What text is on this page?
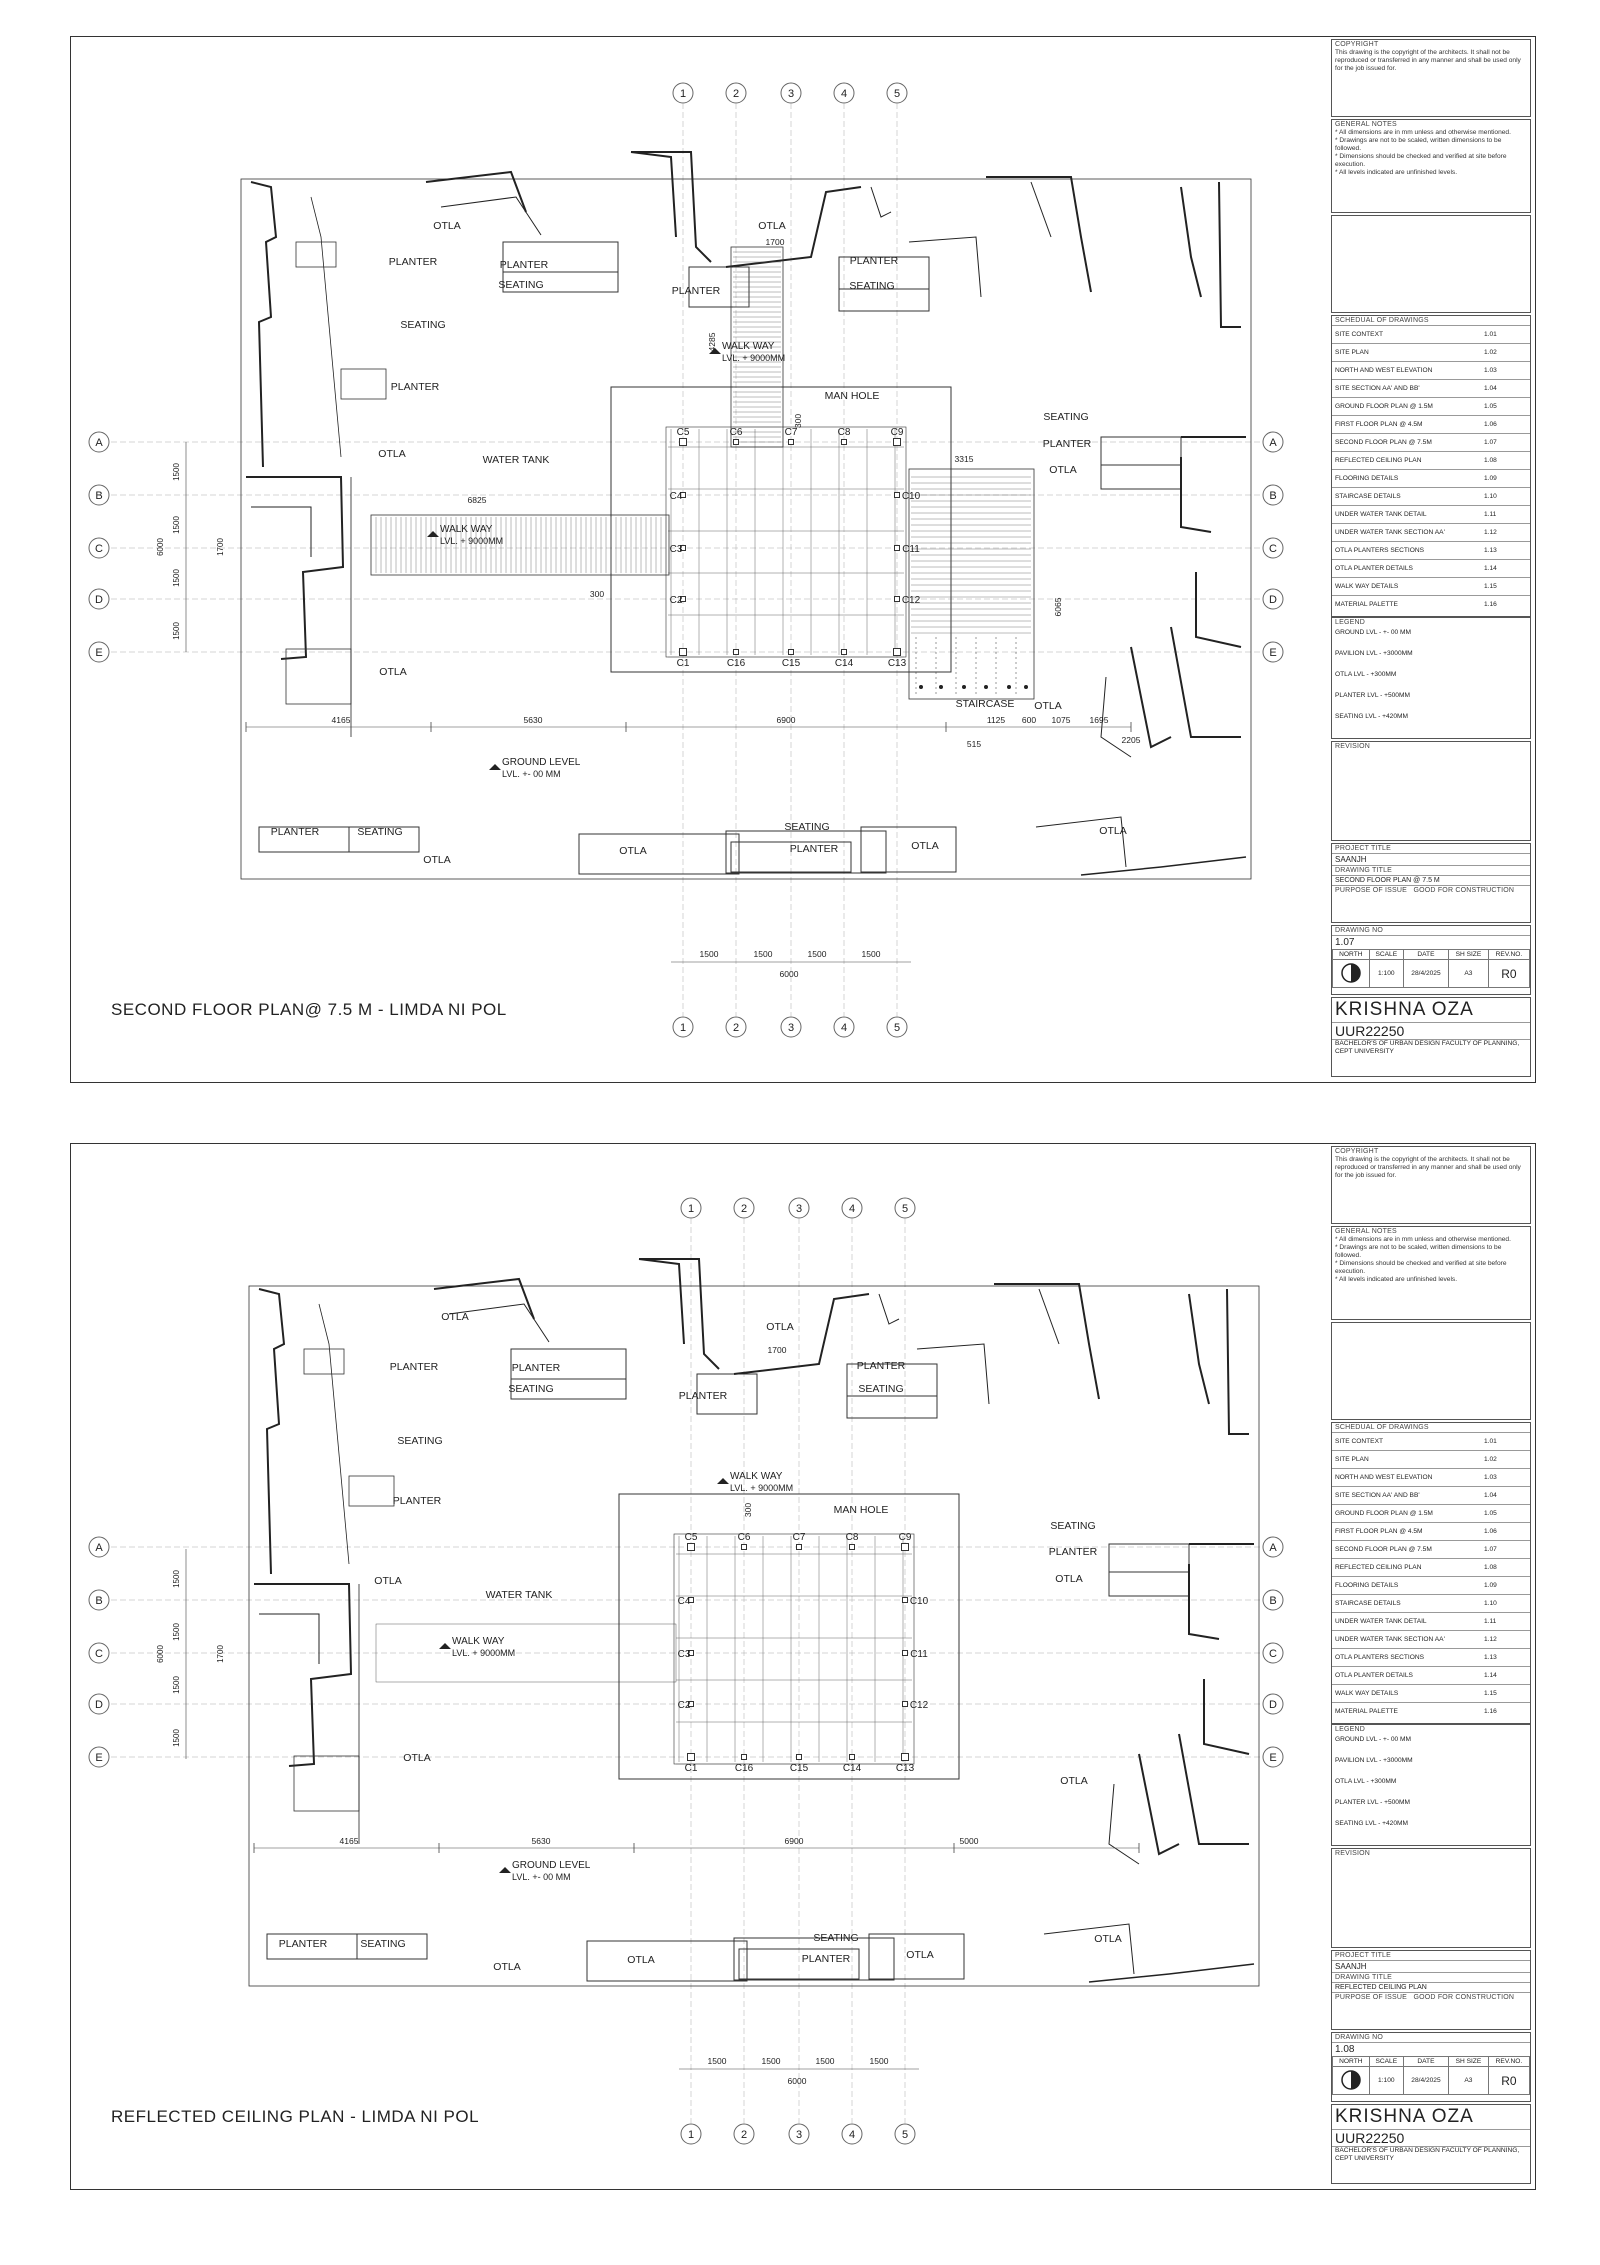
1
1
2
2
3
3
4
4
5
5
A	A
B	B
C	C
D	D
E	E
C5	C6	C7	C8	C9
C4	C10
C3	C11
C2	C12
C1	C16	C15	C14	C13
OTLA	OTLA
PLANTER
SEATING
PLANTER
OTLA
PLANTER
SEATING	PLANTER
PLANTER
SEATING
SEATING
PLANTER
OTLA
OTLA
WATER TANK
MAN HOLE
STAIRCASE OTLA
PLANTER	SEATING
OTLA
OTLA
SEATING
PLANTER	OTLA
OTLA
WALK WAY
LVL. + 9000MM
WALK WAY
LVL. + 9000MM
GROUND LEVEL
LVL. +- 00 MM
4165	5630	6900	1125 600 1075 1695
515	2205
1700
4285
300
300
3315
6825
6065
1500
1500
1500
1500
6000	1700
1500	1500	1500	1500
6000
SECOND FLOOR PLAN@ 7.5 M - LIMDA NI POL
COPYRIGHT
This drawing is the copyright of the architects. It shall not be reproduced or transferred in any manner and shall be used only for the job issued for.
GENERAL NOTES
* All dimensions are in mm unless and otherwise mentioned.
* Drawings are not to be scaled, written dimensions to be followed.
* Dimensions should be checked and verified at site before execution.
* All levels indicated are unfinished levels.
SCHEDUAL OF DRAWINGS
SITE CONTEXT	1.01
SITE PLAN	1.02
NORTH AND WEST ELEVATION	1.03
SITE SECTION AA' AND BB'	1.04
GROUND FLOOR PLAN @ 1.5M	1.05
FIRST FLOOR PLAN @ 4.5M	1.06
SECOND FLOOR PLAN @ 7.5M	1.07
REFLECTED CEILING PLAN	1.08
FLOORING DETAILS	1.09
STAIRCASE DETAILS	1.10
UNDER WATER TANK DETAIL	1.11
UNDER WATER TANK SECTION AA'	1.12
OTLA PLANTERS SECTIONS	1.13
OTLA PLANTER DETAILS	1.14
WALK WAY DETAILS	1.15
MATERIAL PALETTE	1.16
LEGEND
GROUND LVL - +- 00 MM
PAVILION LVL - +3000MM
OTLA LVL - +300MM
PLANTER LVL - +500MM
SEATING LVL - +420MM
REVISION
PROJECT TITLE
SAANJH
DRAWING TITLE
SECOND FLOOR PLAN @ 7.5 M
PURPOSE OF ISSUE GOOD FOR CONSTRUCTION
DRAWING NO
1.07
NORTH	SCALE	DATE	SH SIZE	REV.NO.
	1:100	28/4/2025	A3	R0
KRISHNA OZA
UUR22250
BACHELOR'S OF URBAN DESIGN FACULTY OF PLANNING, CEPT UNIVERSITY
1
1
2
2
3
3
4
4
5
5
A	A
B	B
C	C
D	D
E	E
C5	C6	C7	C8	C9
C4	C10
C3	C11
C2	C12
C1	C16	C15	C14	C13
OTLA
OTLA
PLANTER
SEATING
PLANTER
OTLA
PLANTER
SEATING
PLANTER
PLANTER
SEATING
SEATING
PLANTER
OTLA
OTLA
WATER TANK
MAN HOLE
OTLA
PLANTER	SEATING
OTLA
SEATING
PLANTER
OTLA	OTLA
OTLA
WALK WAY
LVL. + 9000MM
WALK WAY
LVL. + 9000MM
GROUND LEVEL
LVL. +- 00 MM
4165	5630	6900	5000
1700
300
1500
1500
1500
1500
6000	1700
1500	1500	1500	1500
6000
REFLECTED CEILING PLAN - LIMDA NI POL
COPYRIGHT
This drawing is the copyright of the architects. It shall not be reproduced or transferred in any manner and shall be used only for the job issued for.
GENERAL NOTES
* All dimensions are in mm unless and otherwise mentioned.
* Drawings are not to be scaled, written dimensions to be followed.
* Dimensions should be checked and verified at site before execution.
* All levels indicated are unfinished levels.
SCHEDUAL OF DRAWINGS
SITE CONTEXT	1.01
SITE PLAN	1.02
NORTH AND WEST ELEVATION	1.03
SITE SECTION AA' AND BB'	1.04
GROUND FLOOR PLAN @ 1.5M	1.05
FIRST FLOOR PLAN @ 4.5M	1.06
SECOND FLOOR PLAN @ 7.5M	1.07
REFLECTED CEILING PLAN	1.08
FLOORING DETAILS	1.09
STAIRCASE DETAILS	1.10
UNDER WATER TANK DETAIL	1.11
UNDER WATER TANK SECTION AA'	1.12
OTLA PLANTERS SECTIONS	1.13
OTLA PLANTER DETAILS	1.14
WALK WAY DETAILS	1.15
MATERIAL PALETTE	1.16
LEGEND
GROUND LVL - +- 00 MM
PAVILION LVL - +3000MM
OTLA LVL - +300MM
PLANTER LVL - +500MM
SEATING LVL - +420MM
REVISION
PROJECT TITLE
SAANJH
DRAWING TITLE
REFLECTED CEILING PLAN
PURPOSE OF ISSUE GOOD FOR CONSTRUCTION
DRAWING NO
1.08
NORTH	SCALE	DATE	SH SIZE	REV.NO.
	1:100	28/4/2025	A3	R0
KRISHNA OZA
UUR22250
BACHELOR'S OF URBAN DESIGN FACULTY OF PLANNING, CEPT UNIVERSITY
